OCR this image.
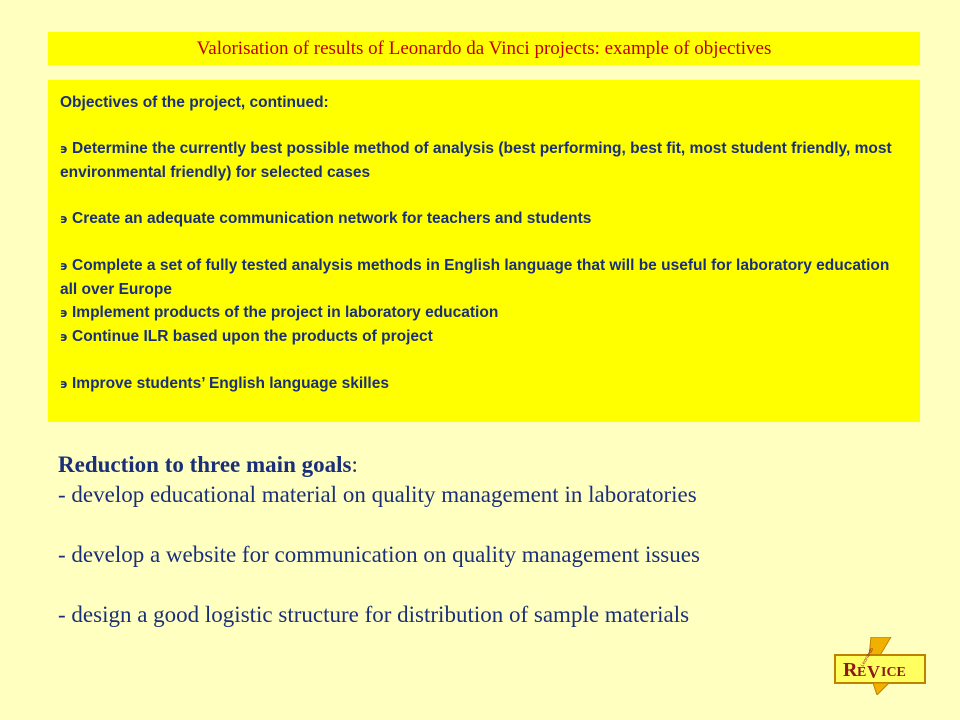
Valorisation of results of Leonardo da Vinci projects: example of objectives

Objectives of the project, continued:

϶ Determine the currently best possible method of analysis (best performing, best fit, most student friendly, most environmental friendly) for selected cases

϶ Create an adequate communication network for teachers and students

϶ Complete a set of fully tested analysis methods in English language that will be useful for laboratory education all over Europe

϶ Implement products of the project in laboratory education

϶ Continue ILR based upon the products of project

϶ Improve students’ English language skilles

Reduction to three main goals:
- develop educational material on quality management in laboratories
- develop a website for communication on quality management issues
- design a good logistic structure for distribution of sample materials
R E V ICE
Leonardo
